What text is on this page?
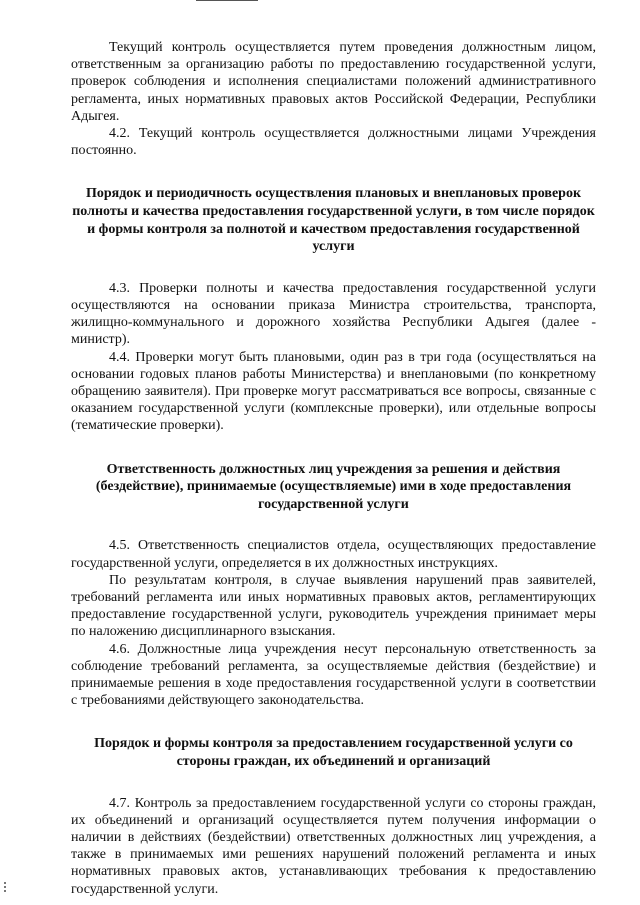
Текущий контроль осуществляется путем проведения должностным лицом, ответственным за организацию работы по предоставлению государственной услуги, проверок соблюдения и исполнения специалистами положений административного регламента, иных нормативных правовых актов Российской Федерации, Республики Адыгея.

4.2. Текущий контроль осуществляется должностными лицами Учреждения постоянно.

Порядок и периодичность осуществления плановых и внеплановых проверок полноты и качества предоставления государственной услуги, в том числе порядок и формы контроля за полнотой и качеством предоставления государственной услуги

4.3. Проверки полноты и качества предоставления государственной услуги осуществляются на основании приказа Министра строительства, транспорта, жилищно-коммунального и дорожного хозяйства Республики Адыгея (далее - министр).

4.4. Проверки могут быть плановыми, один раз в три года (осуществляться на основании годовых планов работы Министерства) и внеплановыми (по конкретному обращению заявителя). При проверке могут рассматриваться все вопросы, связанные с оказанием государственной услуги (комплексные проверки), или отдельные вопросы (тематические проверки).

Ответственность должностных лиц учреждения за решения и действия (бездействие), принимаемые (осуществляемые) ими в ходе предоставления государственной услуги

4.5. Ответственность специалистов отдела, осуществляющих предоставление государственной услуги, определяется в их должностных инструкциях.

По результатам контроля, в случае выявления нарушений прав заявителей, требований регламента или иных нормативных правовых актов, регламентирующих предоставление государственной услуги, руководитель учреждения принимает меры по наложению дисциплинарного взыскания.

4.6. Должностные лица учреждения несут персональную ответственность за соблюдение требований регламента, за осуществляемые действия (бездействие) и принимаемые решения в ходе предоставления государственной услуги в соответствии с требованиями действующего законодательства.

Порядок и формы контроля за предоставлением государственной услуги со стороны граждан, их объединений и организаций

4.7. Контроль за предоставлением государственной услуги со стороны граждан, их объединений и организаций осуществляется путем получения информации о наличии в действиях (бездействии) ответственных должностных лиц учреждения, а также в принимаемых ими решениях нарушений положений регламента и иных нормативных правовых актов, устанавливающих требования к предоставлению государственной услуги.
